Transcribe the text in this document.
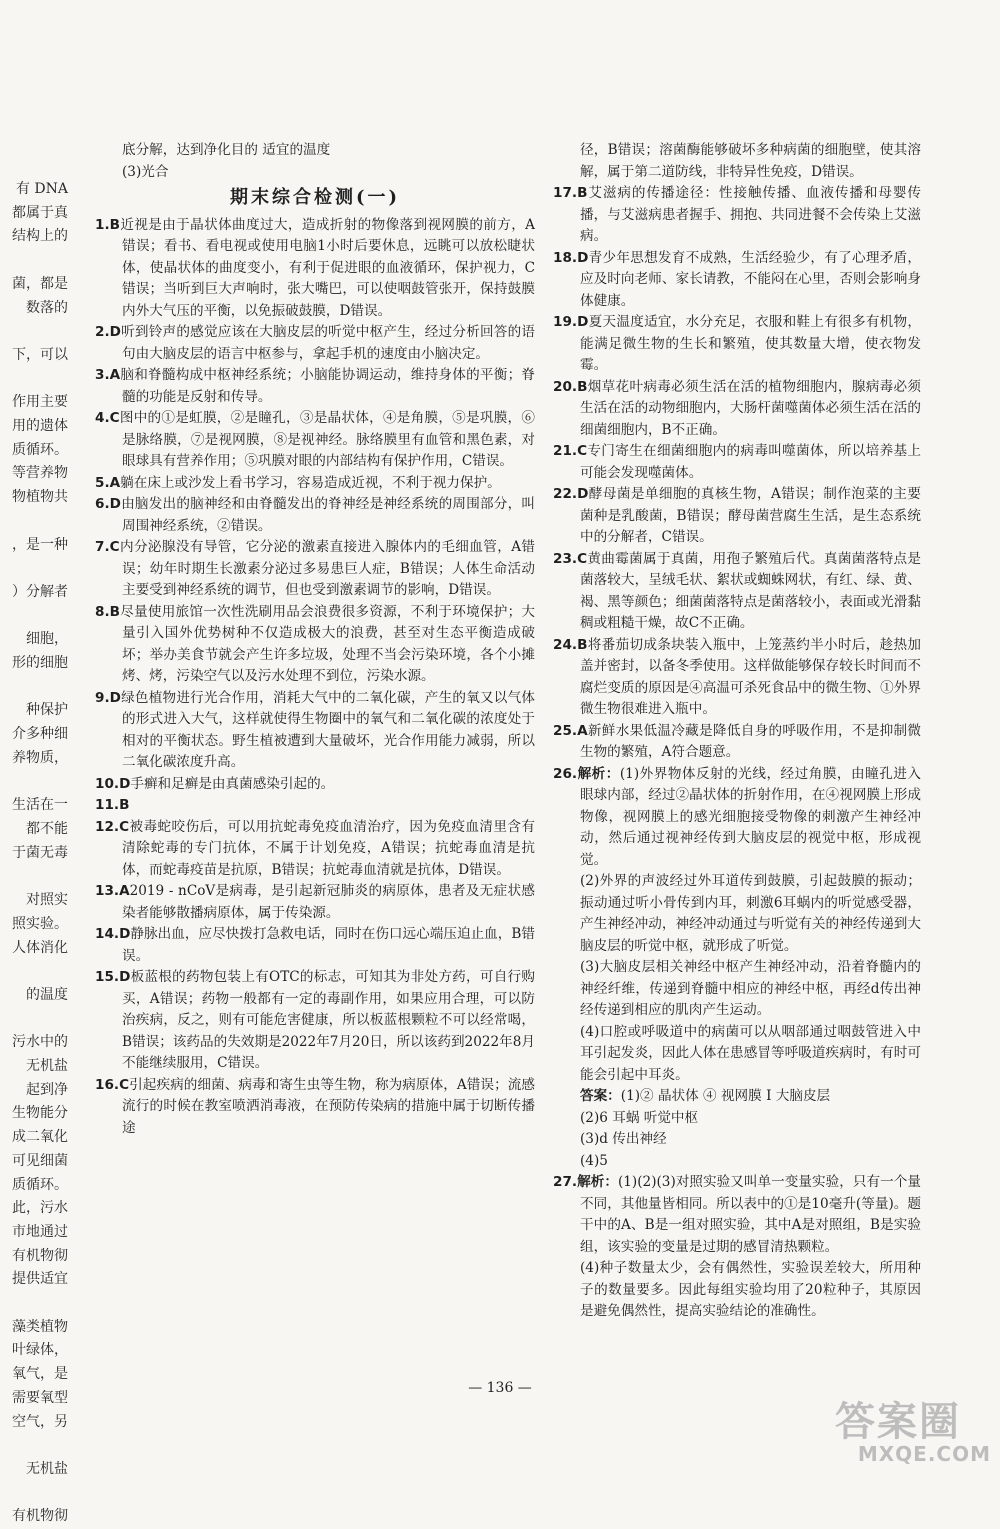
有 DNA
都属于真
结构上的

菌，都是
数落的

下，可以

作用主要
用的遗体
质循环。
等营养物
物植物共

，是一种

）分解者

细胞，
形的细胞

种保护
介多种细
养物质，

生活在一
都不能
于菌无毒

对照实
照实验。
人体消化

的温度

污水中的
无机盐
起到净
生物能分
成二氧化
可见细菌
质循环。
此，污水
市地通过
有机物彻
提供适宜

藻类植物
叶绿体，
氧气，是
需要氧型
空气，另

无机盐

有机物彻

底分解，达到净化目的 适宜的温度

(3)光合

期末综合检测(一)

1.B近视是由于晶状体曲度过大，造成折射的物像落到视网膜的前方，A错误；看书、看电视或使用电脑1小时后要休息，远眺可以放松睫状体，使晶状体的曲度变小，有利于促进眼的血液循环，保护视力，C错误；当听到巨大声响时，张大嘴巴，可以使咽鼓管张开，保持鼓膜内外大气压的平衡，以免振破鼓膜，D错误。

2.D听到铃声的感觉应该在大脑皮层的听觉中枢产生，经过分析回答的语句由大脑皮层的语言中枢参与，拿起手机的速度由小脑决定。

3.A脑和脊髓构成中枢神经系统；小脑能协调运动，维持身体的平衡；脊髓的功能是反射和传导。

4.C图中的①是虹膜，②是瞳孔，③是晶状体，④是角膜，⑤是巩膜，⑥是脉络膜，⑦是视网膜，⑧是视神经。脉络膜里有血管和黑色素，对眼球具有营养作用；⑤巩膜对眼的内部结构有保护作用，C错误。

5.A躺在床上或沙发上看书学习，容易造成近视，不利于视力保护。

6.D由脑发出的脑神经和由脊髓发出的脊神经是神经系统的周围部分，叫周围神经系统，②错误。

7.C内分泌腺没有导管，它分泌的激素直接进入腺体内的毛细血管，A错误；幼年时期生长激素分泌过多易患巨人症，B错误；人体生命活动主要受到神经系统的调节，但也受到激素调节的影响，D错误。

8.B尽量使用旅馆一次性洗刷用品会浪费很多资源，不利于环境保护；大量引入国外优势树种不仅造成极大的浪费，甚至对生态平衡造成破坏；举办美食节就会产生许多垃圾，处理不当会污染环境，各个小摊烤、烤，污染空气以及污水处理不到位，污染水源。

9.D绿色植物进行光合作用，消耗大气中的二氧化碳，产生的氧又以气体的形式进入大气，这样就使得生物圈中的氧气和二氧化碳的浓度处于相对的平衡状态。野生植被遭到大量破坏，光合作用能力减弱，所以二氧化碳浓度升高。

10.D手癣和足癣是由真菌感染引起的。

11.B

12.C被毒蛇咬伤后，可以用抗蛇毒免疫血清治疗，因为免疫血清里含有清除蛇毒的专门抗体，不属于计划免疫，A错误；抗蛇毒血清是抗体，而蛇毒疫苗是抗原，B错误；抗蛇毒血清就是抗体，D错误。

13.A2019 - nCoV是病毒，是引起新冠肺炎的病原体，患者及无症状感染者能够散播病原体，属于传染源。

14.D静脉出血，应尽快拨打急救电话，同时在伤口远心端压迫止血，B错误。

15.D板蓝根的药物包装上有OTC的标志，可知其为非处方药，可自行购买，A错误；药物一般都有一定的毒副作用，如果应用合理，可以防治疾病，反之，则有可能危害健康，所以板蓝根颗粒不可以经常喝，B错误；该药品的失效期是2022年7月20日，所以该药到2022年8月不能继续服用，C错误。

16.C引起疾病的细菌、病毒和寄生虫等生物，称为病原体，A错误；流感流行的时候在教室喷洒消毒液，在预防传染病的措施中属于切断传播途

径，B错误；溶菌酶能够破坏多种病菌的细胞壁，使其溶解，属于第二道防线，非特异性免疫，D错误。

17.B艾滋病的传播途径：性接触传播、血液传播和母婴传播，与艾滋病患者握手、拥抱、共同进餐不会传染上艾滋病。

18.D青少年思想发育不成熟，生活经验少，有了心理矛盾，应及时向老师、家长请教，不能闷在心里，否则会影响身体健康。

19.D夏天温度适宜，水分充足，衣服和鞋上有很多有机物，能满足微生物的生长和繁殖，使其数量大增，使衣物发霉。

20.B烟草花叶病毒必须生活在活的植物细胞内，腺病毒必须生活在活的动物细胞内，大肠杆菌噬菌体必须生活在活的细菌细胞内，B不正确。

21.C专门寄生在细菌细胞内的病毒叫噬菌体，所以培养基上可能会发现噬菌体。

22.D酵母菌是单细胞的真核生物，A错误；制作泡菜的主要菌种是乳酸菌，B错误；酵母菌营腐生生活，是生态系统中的分解者，C错误。

23.C黄曲霉菌属于真菌，用孢子繁殖后代。真菌菌落特点是菌落较大，呈绒毛状、絮状或蜘蛛网状，有红、绿、黄、褐、黑等颜色；细菌菌落特点是菌落较小，表面或光滑黏稠或粗糙干燥，故C不正确。

24.B将番茄切成条块装入瓶中，上笼蒸约半小时后，趁热加盖并密封，以备冬季使用。这样做能够保存较长时间而不腐烂变质的原因是④高温可杀死食品中的微生物、①外界微生物很难进入瓶中。

25.A新鲜水果低温冷藏是降低自身的呼吸作用，不是抑制微生物的繁殖，A符合题意。

26.解析：(1)外界物体反射的光线，经过角膜，由瞳孔进入眼球内部，经过②晶状体的折射作用，在④视网膜上形成物像，视网膜上的感光细胞接受物像的刺激产生神经冲动，然后通过视神经传到大脑皮层的视觉中枢，形成视觉。

(2)外界的声波经过外耳道传到鼓膜，引起鼓膜的振动；振动通过听小骨传到内耳，刺激6耳蜗内的听觉感受器，产生神经冲动，神经冲动通过与听觉有关的神经传递到大脑皮层的听觉中枢，就形成了听觉。

(3)大脑皮层相关神经中枢产生神经冲动，沿着脊髓内的神经纤维，传递到脊髓中相应的神经中枢，再经d传出神经传递到相应的肌肉产生运动。

(4)口腔或呼吸道中的病菌可以从咽部通过咽鼓管进入中耳引起发炎，因此人体在患感冒等呼吸道疾病时，有时可能会引起中耳炎。

答案：(1)② 晶状体 ④ 视网膜 Ⅰ 大脑皮层

(2)6 耳蜗 听觉中枢

(3)d 传出神经

(4)5

27.解析：(1)(2)(3)对照实验又叫单一变量实验，只有一个量不同，其他量皆相同。所以表中的①是10毫升(等量)。题干中的A、B是一组对照实验，其中A是对照组，B是实验组，该实验的变量是过期的感冒清热颗粒。

(4)种子数量太少，会有偶然性，实验误差较大，所用种子的数量要多。因此每组实验均用了20粒种子，其原因是避免偶然性，提高实验结论的准确性。

— 136 —
答案圈
MXQE.COM
